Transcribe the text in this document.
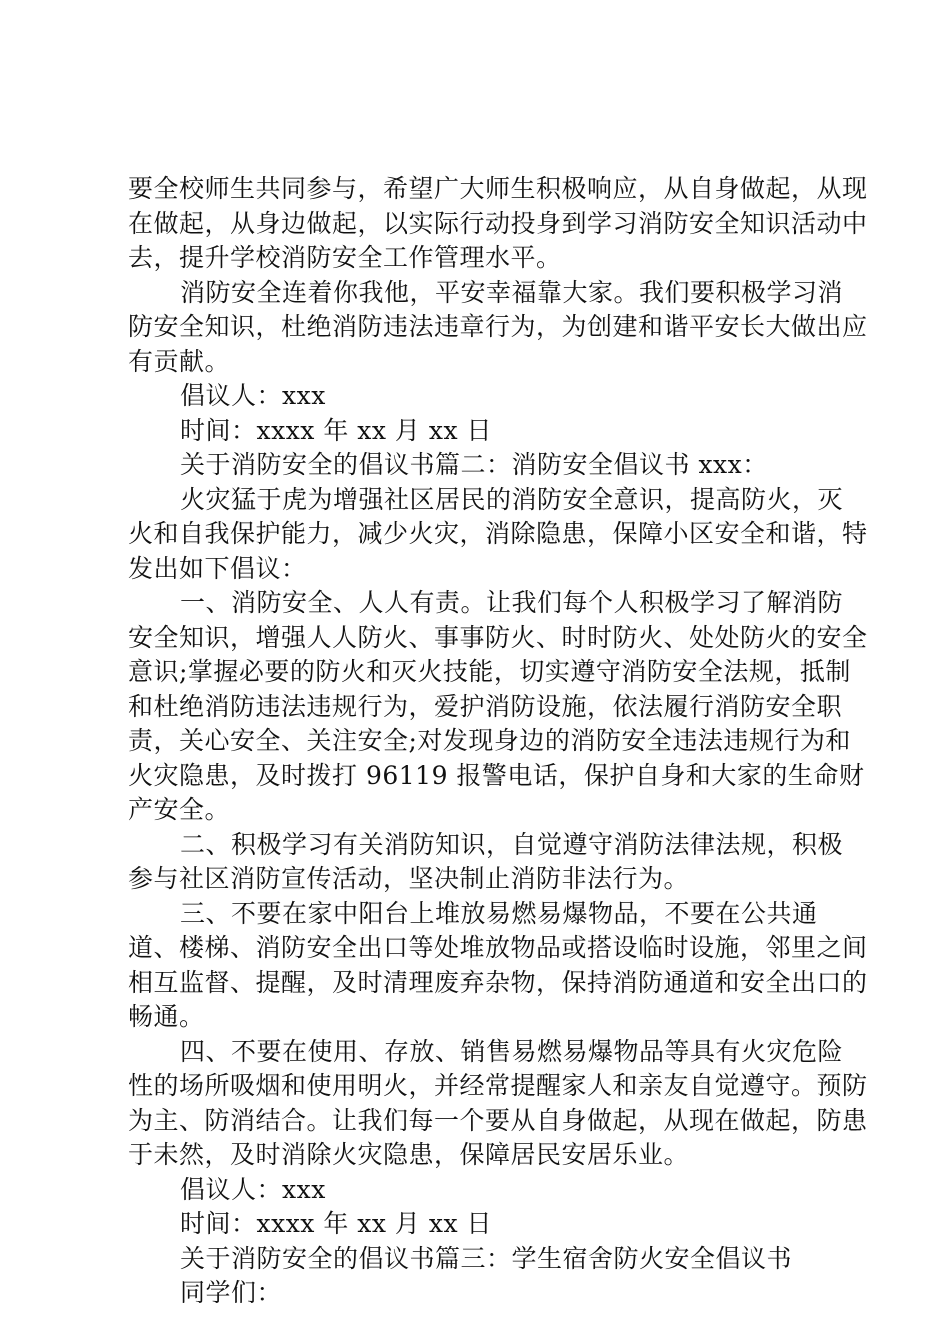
要全校师生共同参与，希望广大师生积极响应，从自身做起，从现在做起，从身边做起，以实际行动投身到学习消防安全知识活动中去，提升学校消防安全工作管理水平。

消防安全连着你我他，平安幸福靠大家。我们要积极学习消防安全知识，杜绝消防违法违章行为，为创建和谐平安长大做出应有贡献。

倡议人：xxx

时间：xxxx 年 xx 月 xx 日

关于消防安全的倡议书篇二：消防安全倡议书 xxx：

火灾猛于虎为增强社区居民的消防安全意识，提高防火，灭火和自我保护能力，减少火灾，消除隐患，保障小区安全和谐，特发出如下倡议：

一、消防安全、人人有责。让我们每个人积极学习了解消防安全知识，增强人人防火、事事防火、时时防火、处处防火的安全意识;掌握必要的防火和灭火技能，切实遵守消防安全法规，抵制和杜绝消防违法违规行为，爱护消防设施，依法履行消防安全职责，关心安全、关注安全;对发现身边的消防安全违法违规行为和火灾隐患，及时拨打 96119 报警电话，保护自身和大家的生命财产安全。

二、积极学习有关消防知识，自觉遵守消防法律法规，积极参与社区消防宣传活动，坚决制止消防非法行为。

三、不要在家中阳台上堆放易燃易爆物品，不要在公共通道、楼梯、消防安全出口等处堆放物品或搭设临时设施，邻里之间相互监督、提醒，及时清理废弃杂物，保持消防通道和安全出口的畅通。

四、不要在使用、存放、销售易燃易爆物品等具有火灾危险性的场所吸烟和使用明火，并经常提醒家人和亲友自觉遵守。预防为主、防消结合。让我们每一个要从自身做起，从现在做起，防患于未然，及时消除火灾隐患，保障居民安居乐业。

倡议人：xxx

时间：xxxx 年 xx 月 xx 日

关于消防安全的倡议书篇三：学生宿舍防火安全倡议书

同学们：
